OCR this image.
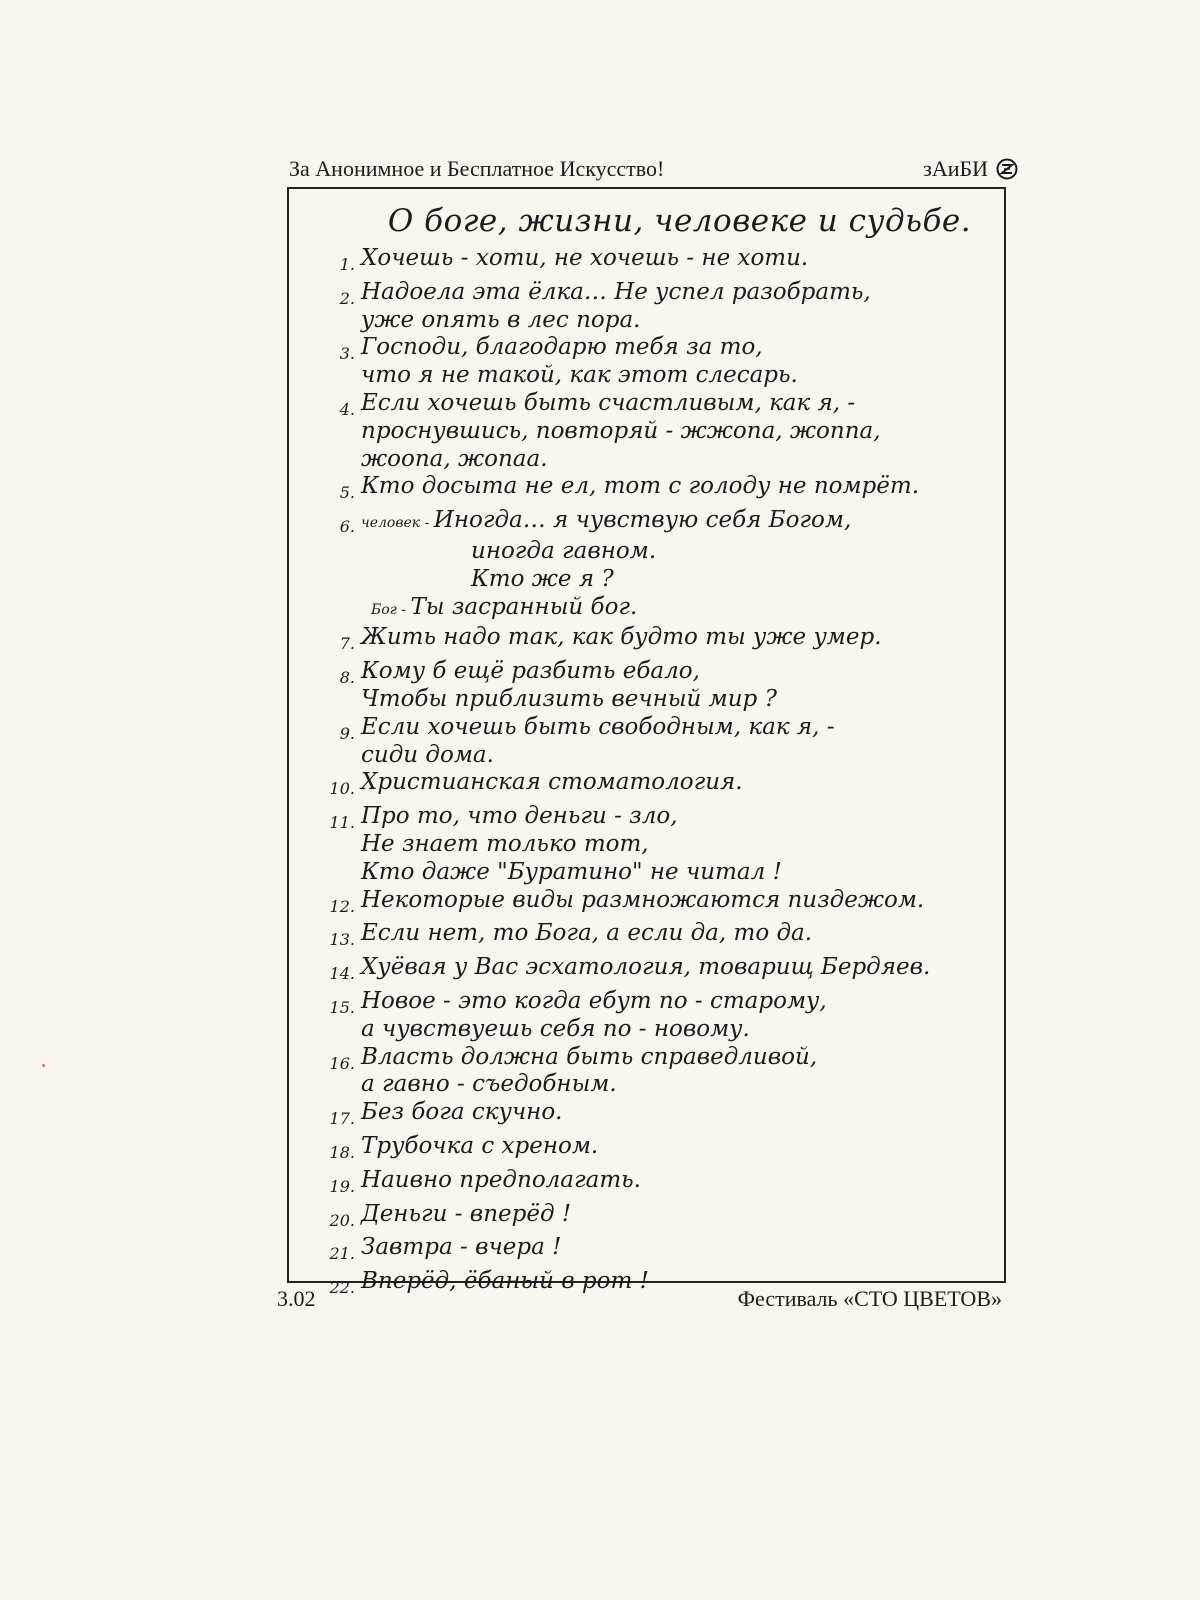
За Анонимное и Бесплатное Искусство!	зАиБИ
О боге, жизни, человеке и судьбе.
1. Хочешь - хоти, не хочешь - не хоти.
2. Надоела эта ёлка… Не успел разобрать,
уже опять в лес пора.
3. Господи, благодарю тебя за то,
что я не такой, как этот слесарь.
4. Если хочешь быть счастливым, как я, -
проснувшись, повторяй - жжопа, жоппа,
жоопа, жопаа.
5. Кто досыта не ел, тот с голоду не помрёт.
6. человек - Иногда… я чувствую себя Богом,
иногда гавном.
Кто же я ?
Бог - Ты засранный бог.
7. Жить надо так, как будто ты уже умер.
8. Кому б ещё разбить ебало,
Чтобы приблизить вечный мир ?
9. Если хочешь быть свободным, как я, -
сиди дома.
10. Христианская стоматология.
11. Про то, что деньги - зло,
Не знает только тот,
Кто даже "Буратино" не читал !
12. Некоторые виды размножаются пиздежом.
13. Если нет, то Бога, а если да, то да.
14. Хуёвая у Вас эсхатология, товарищ Бердяев.
15. Новое - это когда ебут по - старому,
а чувствуешь себя по - новому.
16. Власть должна быть справедливой,
а гавно - съедобным.
17. Без бога скучно.
18. Трубочка с хреном.
19. Наивно предполагать.
20. Деньги - вперёд !
21. Завтра - вчера !
22. Вперёд, ёбаный в рот !
3.02	Фестиваль «СТО ЦВЕТОВ»
